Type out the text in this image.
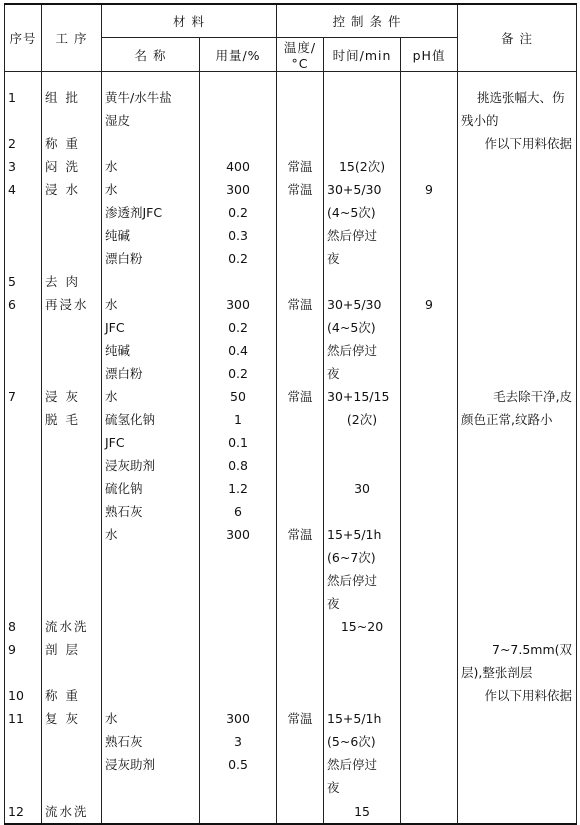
序号	工 序	材 料		控 制 条 件			备 注
		名 称	用量/%	温度/°C	时间/min	pH值	

1	组 批	黄牛/水牛盐					挑选张幅大、伤
		湿皮					残小的
2	称 重						作以下用料依据
3	闷 洗	水	400	常温	15(2次)		
4	浸 水	水	300	常温	30+5/30	9	
		渗透剂JFC	0.2		(4~5次)		
		纯碱	0.3		然后停过		
		漂白粉	0.2		夜		
5	去 肉						
6	再浸水	水	300	常温	30+5/30	9	
		JFC	0.2		(4~5次)		
		纯碱	0.4		然后停过		
		漂白粉	0.2		夜		
7	浸 灰	水	50	常温	30+15/15		毛去除干净,皮
	脱 毛	硫氢化钠	1		(2次)		颜色正常,纹路小
		JFC	0.1				
		浸灰助剂	0.8				
		硫化钠	1.2		30		
		熟石灰	6				
		水	300	常温	15+5/1h		
					(6~7次)		
					然后停过		
					夜		
8	流水洗				15~20		
9	剖 层						7~7.5mm(双
							层),整张剖层
10	称 重						作以下用料依据
11	复 灰	水	300	常温	15+5/1h		
		熟石灰	3		(5~6次)		
		浸灰助剂	0.5		然后停过		
					夜		
12	流水洗				15		
